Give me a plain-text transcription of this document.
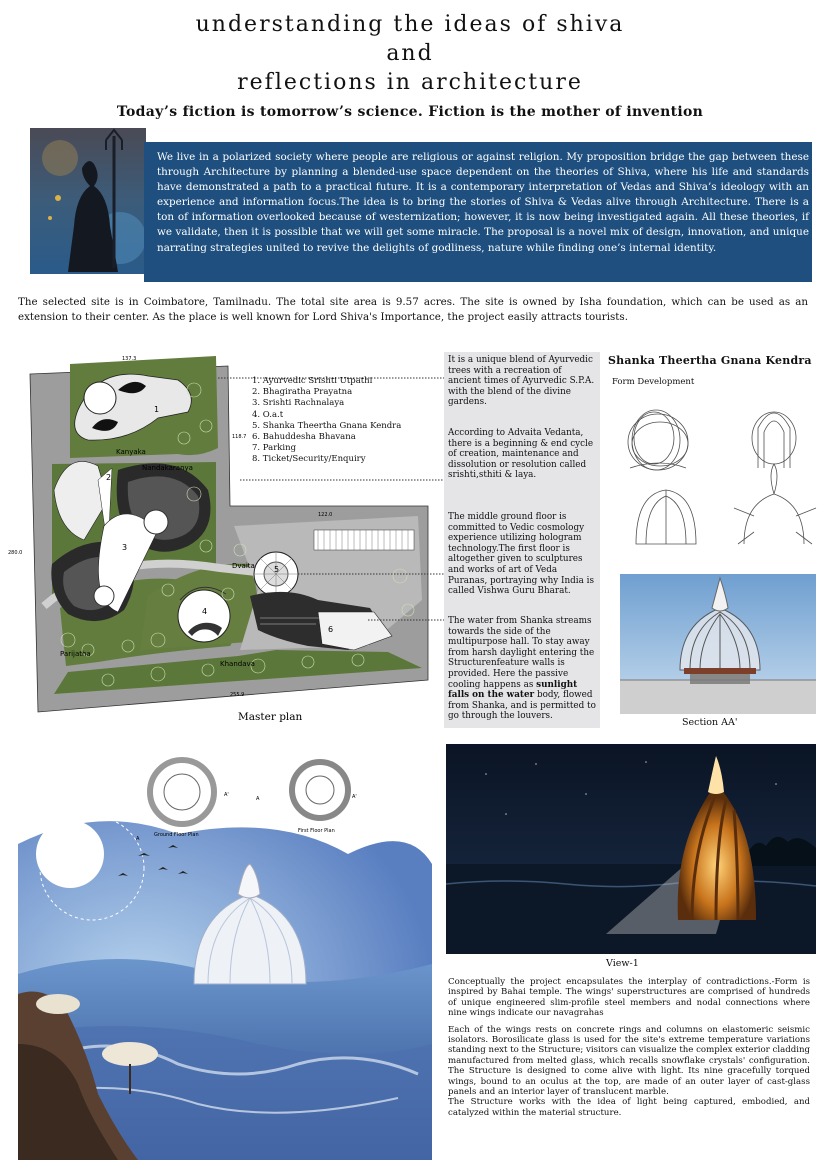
understanding the ideas of shiva
and
reflections in architecture
Today’s fiction is tomorrow’s science. Fiction is the mother of invention
We live in a polarized society where people are religious or against religion. My proposition bridge the gap between these through Architecture by planning a blended-use space dependent on the theories of Shiva, where his life and standards have demonstrated a path to a practical future. It is a contemporary interpretation of Vedas and Shiva’s ideology with an experience and information focus.The idea is to bring the stories of Shiva & Vedas alive through Architecture. There is a ton of information overlooked because of westernization; however, it is now being investigated again. All these theories, if we validate, then it is possible that we will get some miracle. The proposal is a novel mix of design, innovation, and unique narrating strategies united to revive the delights of godliness, nature while finding one’s internal identity.
The selected site is in Coimbatore, Tamilnadu. The total site area is 9.57 acres. The site is owned by Isha foundation, which can be used as an extension to their center. As the place is well known for Lord Shiva's Importance, the project easily attracts tourists.
137.3
118.7
122.0
280.0
255.9
Kanyaka
Nandakaranya
Dvaita
Parijatha
Khandava
1
2
3
4
5
6
Master plan
1. Ayurvedic Srishti Utpathi
2. Bhagiratha Prayatna
3. Srishti Rachnalaya
4. O.a.t
5. Shanka Theertha Gnana Kendra
6. Bahuddesha Bhavana
7. Parking
8. Ticket/Security/Enquiry
It is a unique blend of Ayurvedic trees with a recreation of ancient times of Ayurvedic S.P.A. with the blend of the divine gardens.
According to Advaita Vedanta, there is a beginning & end cycle of creation, maintenance and dissolution or resolution called srishti,sthiti & laya.
The middle ground floor is committed to Vedic cosmology experience utilizing hologram technology.The first floor is altogether given to sculptures and works of art of Veda Puranas, portraying why India is called Vishwa Guru Bharat.
The water from Shanka streams towards the side of the multipurpose hall. To stay away from harsh daylight entering the Structurenfeature walls is provided. Here the passive cooling happens as sunlight falls on the water body, flowed from Shanka, and is permitted to go through the louvers.
Shanka Theertha Gnana Kendra
Form Development
Section AA'
A
A'
A	A'
Ground Floor Plan
First Floor Plan
View-1

Conceptually the project encapsulates the interplay of contradictions.-Form is inspired by Bahai temple. The wings' superstructures are comprised of hundreds of unique engineered slim-profile steel members and nodal connections where nine wings indicate our navagrahas

Each of the wings rests on concrete rings and columns on elastomeric seismic isolators. Borosilicate glass is used for the site's extreme temperature variations standing next to the Structure; visitors can visualize the complex exterior cladding manufactured from melted glass, which recalls snowflake crystals' configuration. The Structure is designed to come alive with light. Its nine gracefully torqued wings, bound to an oculus at the top, are made of an outer layer of cast-glass panels and an interior layer of translucent marble.

The Structure works with the idea of light being captured, embodied, and catalyzed within the material structure.
